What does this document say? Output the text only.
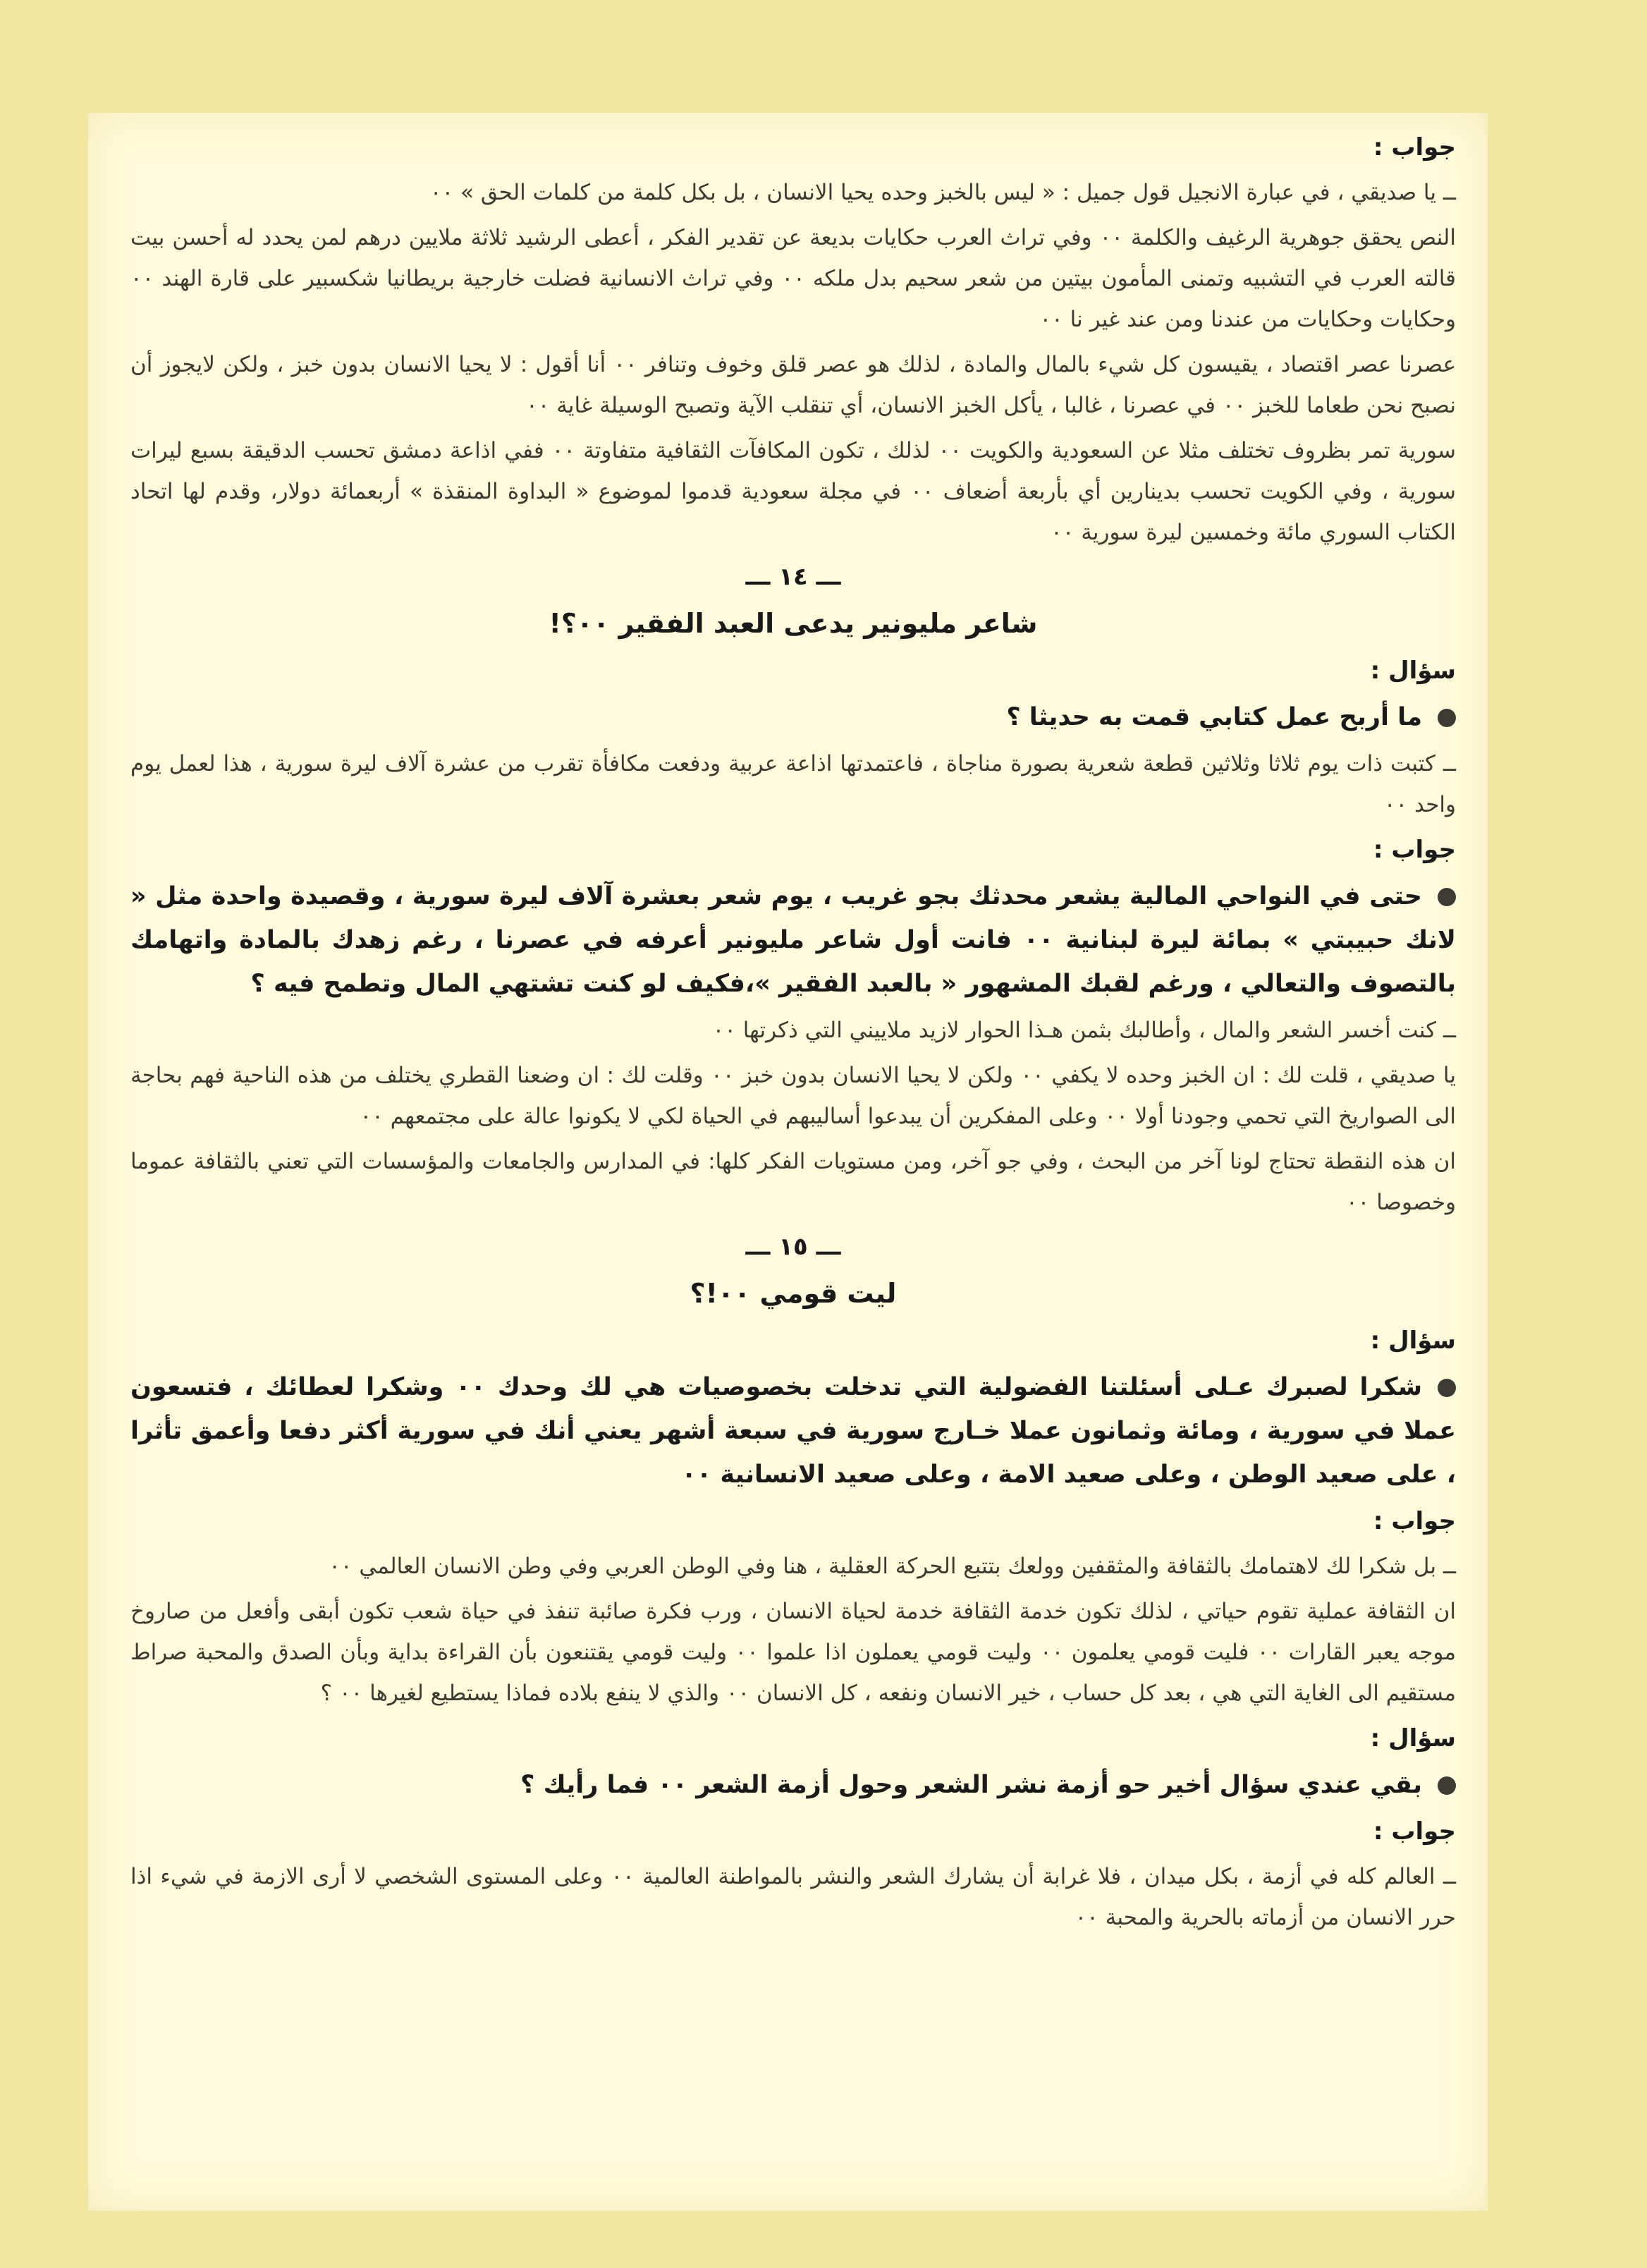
جواب :

ــ يا صديقي ، في عبارة الانجيل قول جميل : « ليس بالخبز وحده يحيا الانسان ، بل بكل كلمة من كلمات الحق » ٠٠

النص يحقق جوهرية الرغيف والكلمة ٠٠ وفي تراث العرب حكايات بديعة عن تقدير الفكر ، أعطى الرشيد ثلاثة ملايين درهم لمن يحدد له أحسن بيت قالته العرب في التشبيه وتمنى المأمون بيتين من شعر سحيم بدل ملكه ٠٠ وفي تراث الانسانية فضلت خارجية بريطانيا شكسبير على قارة الهند ٠٠ وحكايات وحكايات من عندنا ومن عند غير نا ٠٠

عصرنا عصر اقتصاد ، يقيسون كل شيء بالمال والمادة ، لذلك هو عصر قلق وخوف وتنافر ٠٠ أنا أقول : لا يحيا الانسان بدون خبز ، ولكن لايجوز أن نصبح نحن طعاما للخبز ٠٠ في عصرنا ، غالبا ، يأكل الخبز الانسان، أي تنقلب الآية وتصبح الوسيلة غاية ٠٠

سورية تمر بظروف تختلف مثلا عن السعودية والكويت ٠٠ لذلك ، تكون المكافآت الثقافية متفاوتة ٠٠ ففي اذاعة دمشق تحسب الدقيقة بسبع ليرات سورية ، وفي الكويت تحسب بدينارين أي بأربعة أضعاف ٠٠ في مجلة سعودية قدموا لموضوع « البداوة المنقذة » أربعمائة دولار، وقدم لها اتحاد الكتاب السوري مائة وخمسين ليرة سورية ٠٠

ـــ ١٤ ـــ

شاعر مليونير يدعى العبد الفقير ٠٠؟!

سؤال :

ما أربح عمل كتابي قمت به حديثا ؟

ــ كتبت ذات يوم ثلاثا وثلاثين قطعة شعرية بصورة مناجاة ، فاعتمدتها اذاعة عربية ودفعت مكافأة تقرب من عشرة آلاف ليرة سورية ، هذا لعمل يوم واحد ٠٠

جواب :

حتى في النواحي المالية يشعر محدثك بجو غريب ، يوم شعر بعشرة آلاف ليرة سورية ، وقصيدة واحدة مثل « لانك حبيبتي » بمائة ليرة لبنانية ٠٠ فانت أول شاعر مليونير أعرفه في عصرنا ، رغم زهدك بالمادة واتهامك بالتصوف والتعالي ، ورغم لقبك المشهور « بالعبد الفقير »،فكيف لو كنت تشتهي المال وتطمح فيه ؟

ــ كنت أخسر الشعر والمال ، وأطالبك بثمن هـذا الحوار لازيد ملاييني التي ذكرتها ٠٠

يا صديقي ، قلت لك : ان الخبز وحده لا يكفي ٠٠ ولكن لا يحيا الانسان بدون خبز ٠٠ وقلت لك : ان وضعنا القطري يختلف من هذه الناحية فهم بحاجة الى الصواريخ التي تحمي وجودنا أولا ٠٠ وعلى المفكرين أن يبدعوا أساليبهم في الحياة لكي لا يكونوا عالة على مجتمعهم ٠٠

ان هذه النقطة تحتاج لونا آخر من البحث ، وفي جو آخر، ومن مستويات الفكر كلها: في المدارس والجامعات والمؤسسات التي تعني بالثقافة عموما وخصوصا ٠٠

ـــ ١٥ ـــ

ليت قومي ٠٠!؟

سؤال :

شكرا لصبرك عـلى أسئلتنا الفضولية التي تدخلت بخصوصيات هي لك وحدك ٠٠ وشكرا لعطائك ، فتسعون عملا في سورية ، ومائة وثمانون عملا خـارج سورية في سبعة أشهر يعني أنك في سورية أكثر دفعا وأعمق تأثرا ، على صعيد الوطن ، وعلى صعيد الامة ، وعلى صعيد الانسانية ٠٠

جواب :

ــ بل شكرا لك لاهتمامك بالثقافة والمثقفين وولعك بتتبع الحركة العقلية ، هنا وفي الوطن العربي وفي وطن الانسان العالمي ٠٠

ان الثقافة عملية تقوم حياتي ، لذلك تكون خدمة الثقافة خدمة لحياة الانسان ، ورب فكرة صائبة تنفذ في حياة شعب تكون أبقى وأفعل من صاروخ موجه يعبر القارات ٠٠ فليت قومي يعلمون ٠٠ وليت قومي يعملون اذا علموا ٠٠ وليت قومي يقتنعون بأن القراءة بداية وبأن الصدق والمحبة صراط مستقيم الى الغاية التي هي ، بعد كل حساب ، خير الانسان ونفعه ، كل الانسان ٠٠ والذي لا ينفع بلاده فماذا يستطيع لغيرها ٠٠ ؟

سؤال :

بقي عندي سؤال أخير حو أزمة نشر الشعر وحول أزمة الشعر ٠٠ فما رأيك ؟

جواب :

ــ العالم كله في أزمة ، بكل ميدان ، فلا غرابة أن يشارك الشعر والنشر بالمواطنة العالمية ٠٠ وعلى المستوى الشخصي لا أرى الازمة في شيء اذا حرر الانسان من أزماته بالحرية والمحبة ٠٠
